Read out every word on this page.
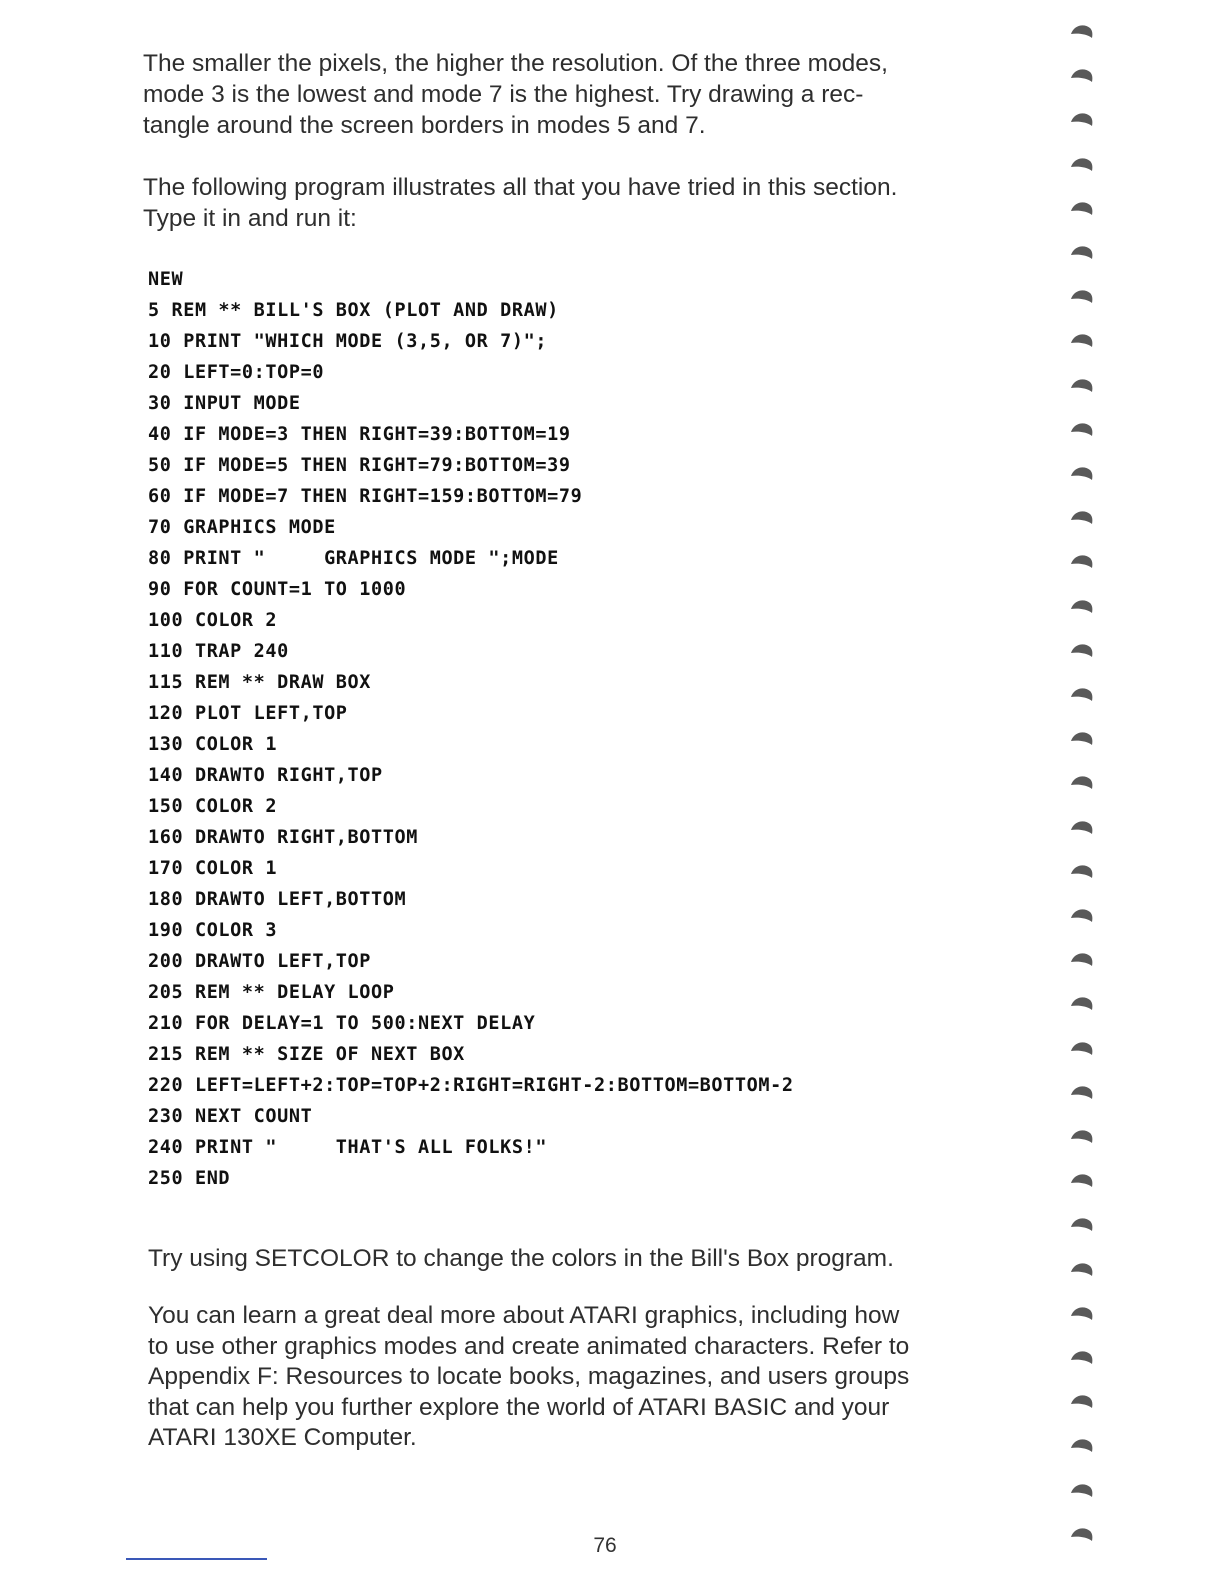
The smaller the pixels, the higher the resolution. Of the three modes,
mode 3 is the lowest and mode 7 is the highest. Try drawing a rec-
tangle around the screen borders in modes 5 and 7.

The following program illustrates all that you have tried in this section.
Type it in and run it:

NEW
5 REM ** BILL'S BOX (PLOT AND DRAW)
10 PRINT "WHICH MODE (3,5, OR 7)";
20 LEFT=0:TOP=0
30 INPUT MODE
40 IF MODE=3 THEN RIGHT=39:BOTTOM=19
50 IF MODE=5 THEN RIGHT=79:BOTTOM=39
60 IF MODE=7 THEN RIGHT=159:BOTTOM=79
70 GRAPHICS MODE
80 PRINT "     GRAPHICS MODE ";MODE
90 FOR COUNT=1 TO 1000
100 COLOR 2
110 TRAP 240
115 REM ** DRAW BOX
120 PLOT LEFT,TOP
130 COLOR 1
140 DRAWTO RIGHT,TOP
150 COLOR 2
160 DRAWTO RIGHT,BOTTOM
170 COLOR 1
180 DRAWTO LEFT,BOTTOM
190 COLOR 3
200 DRAWTO LEFT,TOP
205 REM ** DELAY LOOP
210 FOR DELAY=1 TO 500:NEXT DELAY
215 REM ** SIZE OF NEXT BOX
220 LEFT=LEFT+2:TOP=TOP+2:RIGHT=RIGHT-2:BOTTOM=BOTTOM-2
230 NEXT COUNT
240 PRINT "     THAT'S ALL FOLKS!"
250 END

Try using SETCOLOR to change the colors in the Bill's Box program.

You can learn a great deal more about ATARI graphics, including how
to use other graphics modes and create animated characters. Refer to
Appendix F: Resources to locate books, magazines, and users groups
that can help you further explore the world of ATARI BASIC and your
ATARI 130XE Computer.

76
